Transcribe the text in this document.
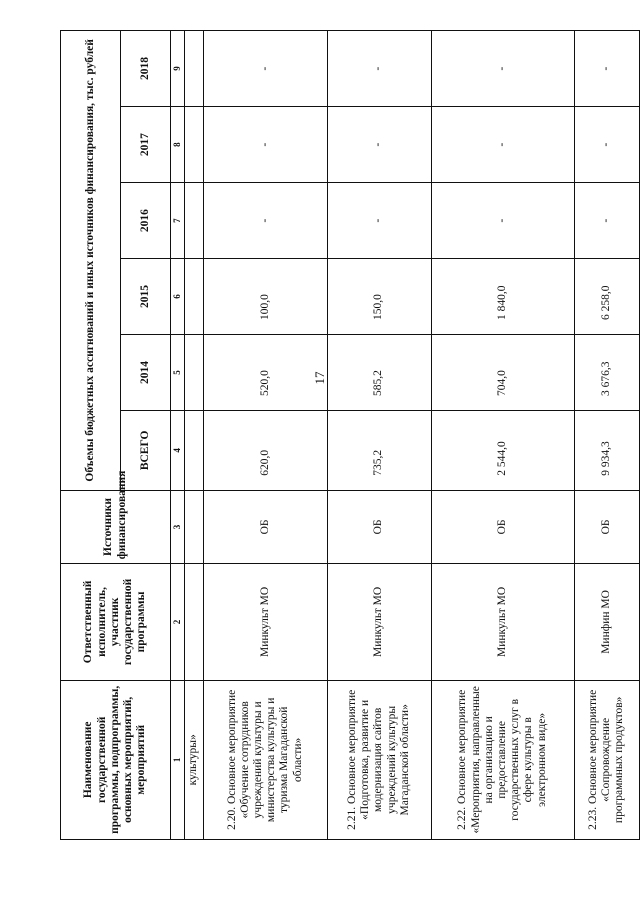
17
Наименование государственной программы, подпрограммы, основных мероприятий, мероприятий	Ответственный исполнитель, участник государственной программы	Источники финансирования	Объемы бюджетных ассигнований и иных источников финансирования, тыс. рублей					
			ВСЕГО	2014	2015	2016	2017	2018
1	2	3	4	5	6	7	8	9
культуры»								
2.20. Основное мероприятие «Обучение сотрудников учреждений культуры и министерства культуры и туризма Магаданской области»	Минкульт МО	ОБ	620,0	520,0	100,0	-	-	-
2.21. Основное мероприятие «Подготовка, развитие и модернизация сайтов учреждений культуры Магаданской области»	Минкульт МО	ОБ	735,2	585,2	150,0	-	-	-
2.22. Основное мероприятие «Мероприятия, направленные на организацию и предоставление государственных услуг в сфере культуры в электронном виде»	Минкульт МО	ОБ	2 544,0	704,0	1 840,0	-	-	-
2.23. Основное мероприятие «Сопровождение программных продуктов»	Минфин МО	ОБ	9 934,3	3 676,3	6 258,0	-	-	-
